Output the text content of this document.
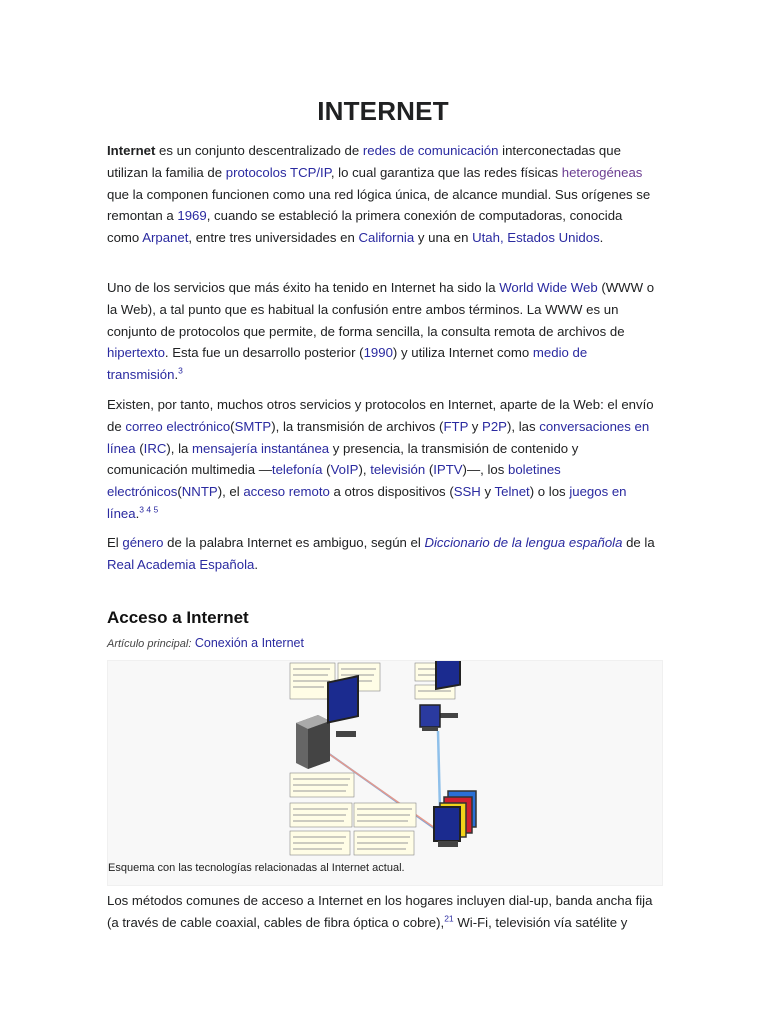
INTERNET

Internet es un conjunto descentralizado de redes de comunicación interconectadas que utilizan la familia de protocolos TCP/IP, lo cual garantiza que las redes físicas heterogéneas que la componen funcionen como una red lógica única, de alcance mundial. Sus orígenes se remontan a 1969, cuando se estableció la primera conexión de computadoras, conocida como Arpanet, entre tres universidades en California y una en Utah, Estados Unidos.

Uno de los servicios que más éxito ha tenido en Internet ha sido la World Wide Web (WWW o la Web), a tal punto que es habitual la confusión entre ambos términos. La WWW es un conjunto de protocolos que permite, de forma sencilla, la consulta remota de archivos de hipertexto. Esta fue un desarrollo posterior (1990) y utiliza Internet como medio de transmisión.$^3$

Existen, por tanto, muchos otros servicios y protocolos en Internet, aparte de la Web: el envío de correo electrónico(SMTP), la transmisión de archivos (FTP y P2P), las conversaciones en línea (IRC), la mensajería instantánea y presencia, la transmisión de contenido y comunicación multimedia —telefonía (VoIP), televisión (IPTV)—, los boletines electrónicos(NNTP), el acceso remoto a otros dispositivos (SSH y Telnet) o los juegos en línea.$^{3 4 5}$

El género de la palabra Internet es ambiguo, según el Diccionario de la lengua española de la Real Academia Española.

Acceso a Internet
Artículo principal: Conexión a Internet
Esquema con las tecnologías relacionadas al Internet actual.

Los métodos comunes de acceso a Internet en los hogares incluyen dial-up, banda ancha fija (a través de cable coaxial, cables de fibra óptica o cobre),$^{21}$ Wi-Fi, televisión vía satélite y
